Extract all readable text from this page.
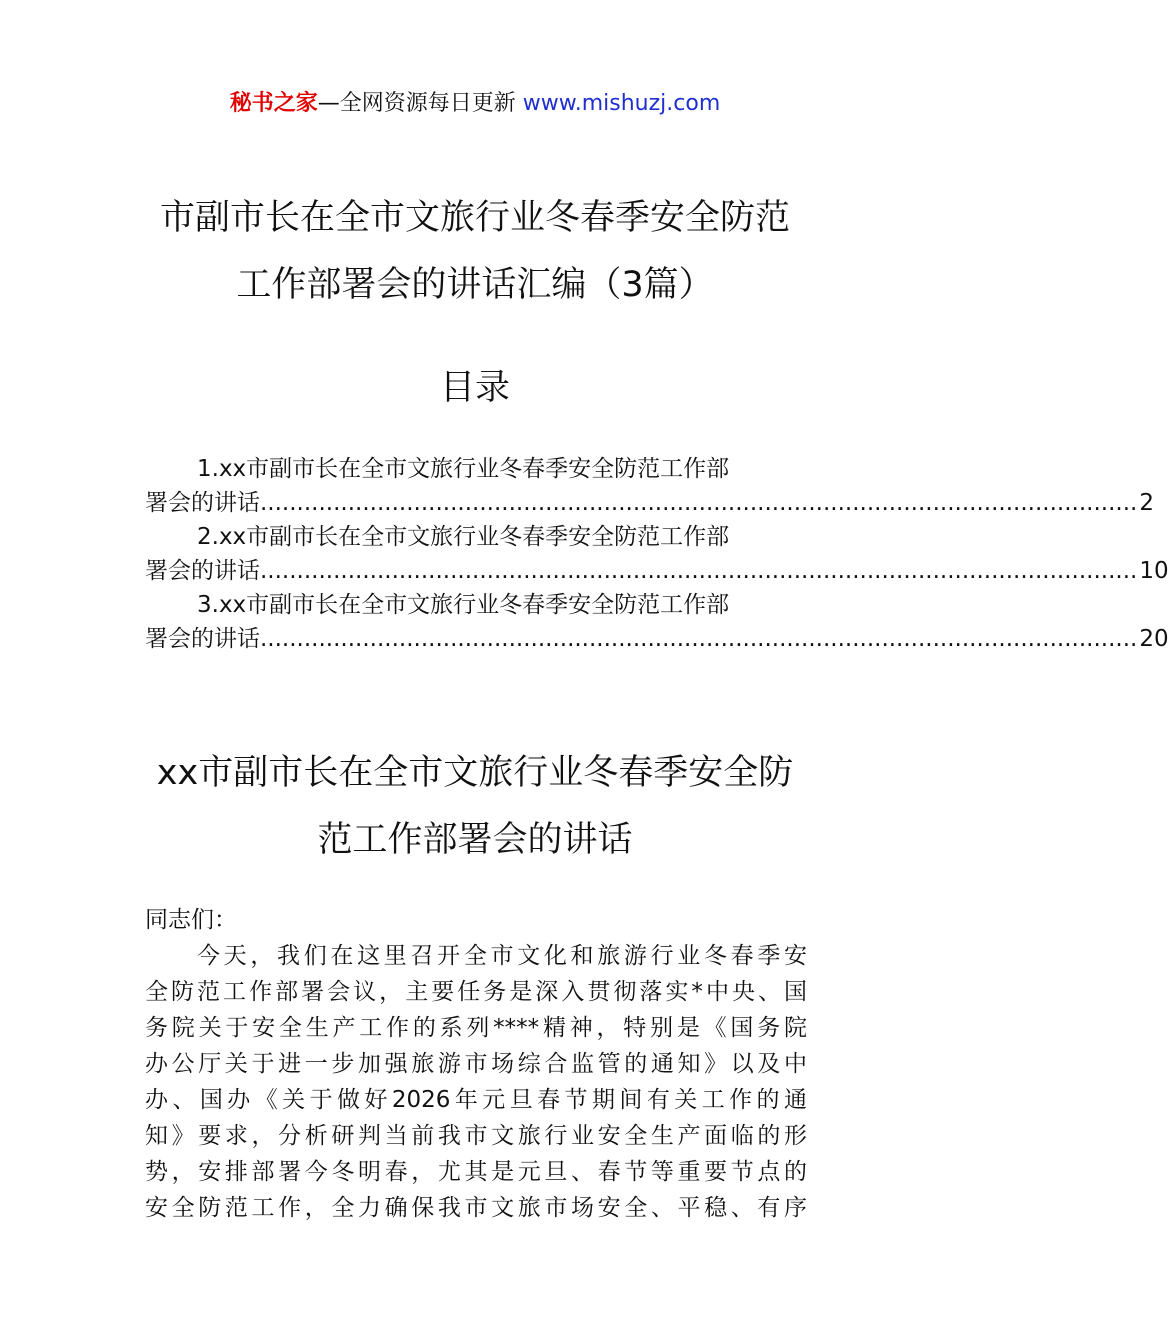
秘书之家—全网资源每日更新 www.mishuzj.com
市副市长在全市文旅行业冬春季安全防范
工作部署会的讲话汇编（3篇）
目录
1.xx市副市长在全市文旅行业冬春季安全防范工作部
署会的讲话 ........................................................................................................................ 2
2.xx市副市长在全市文旅行业冬春季安全防范工作部
署会的讲话 ........................................................................................................................ 10
3.xx市副市长在全市文旅行业冬春季安全防范工作部
署会的讲话 ........................................................................................................................ 20
xx市副市长在全市文旅行业冬春季安全防
范工作部署会的讲话
同志们：
今天，我们在这里召开全市文化和旅游行业冬春季安
全防范工作部署会议，主要任务是深入贯彻落实*中央、国
务院关于安全生产工作的系列****精神，特别是《国务院
办公厅关于进一步加强旅游市场综合监管的通知》以及中
办、国办《关于做好2026年元旦春节期间有关工作的通
知》要求，分析研判当前我市文旅行业安全生产面临的形
势，安排部署今冬明春，尤其是元旦、春节等重要节点的
安全防范工作，全力确保我市文旅市场安全、平稳、有序
